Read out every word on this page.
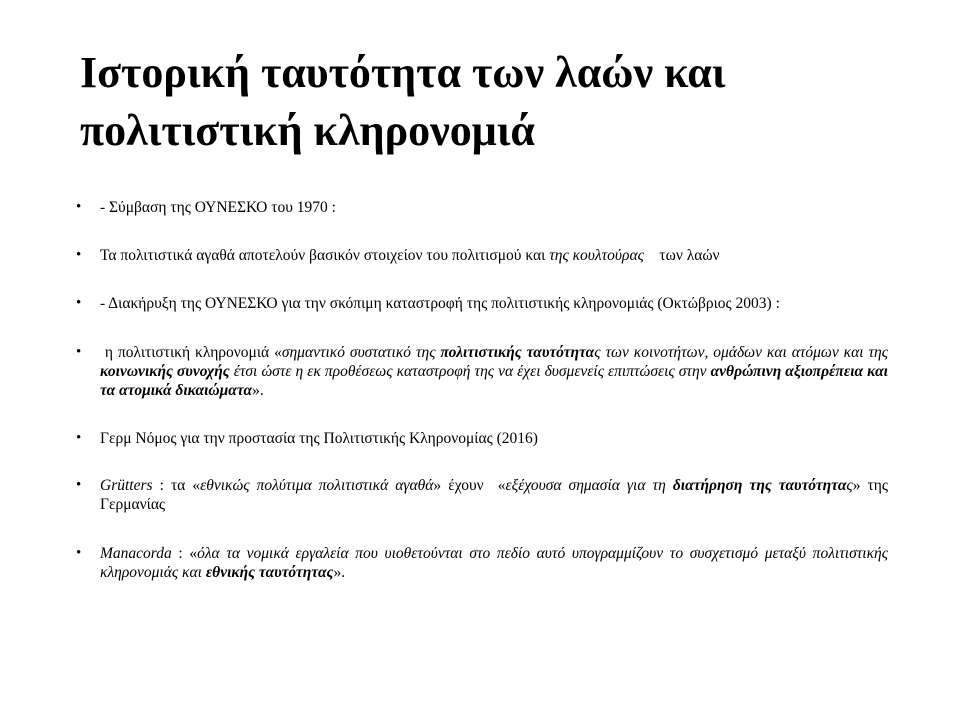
Ιστορική ταυτότητα των λαών και
πολιτιστική κληρονομιά
• - Σύμβαση της ΟΥΝΕΣΚΟ του 1970 :
• Τα πολιτιστικά αγαθά αποτελούν βασικόν στοιχείον του πολιτισμού και της κουλτούρας    των λαών
• - Διακήρυξη της ΟΥΝΕΣΚΟ για την σκόπιμη καταστροφή της πολιτιστικής κληρονομιάς (Οκτώβριος 2003) :
• η πολιτιστική κληρονομιά «σημαντικό συστατικό της πολιτιστικής ταυτότητας των κοινοτήτων, ομάδων και ατόμων και της κοινωνικής συνοχής έτσι ώστε η εκ προθέσεως καταστροφή της να έχει δυσμενείς επιπτώσεις στην ανθρώπινη αξιοπρέπεια και τα ατομικά δικαιώματα».
• Γερμ Νόμος για την προστασία της Πολιτιστικής Κληρονομίας (2016)
• Grütters : τα «εθνικώς πολύτιμα πολιτιστικά αγαθά» έχουν  «εξέχουσα σημασία για τη διατήρηση της ταυτότητας» της Γερμανίας
• Manacorda : «όλα τα νομικά εργαλεία που υιοθετούνται στο πεδίο αυτό υπογραμμίζουν το συσχετισμό μεταξύ πολιτιστικής κληρονομιάς και εθνικής ταυτότητας».
